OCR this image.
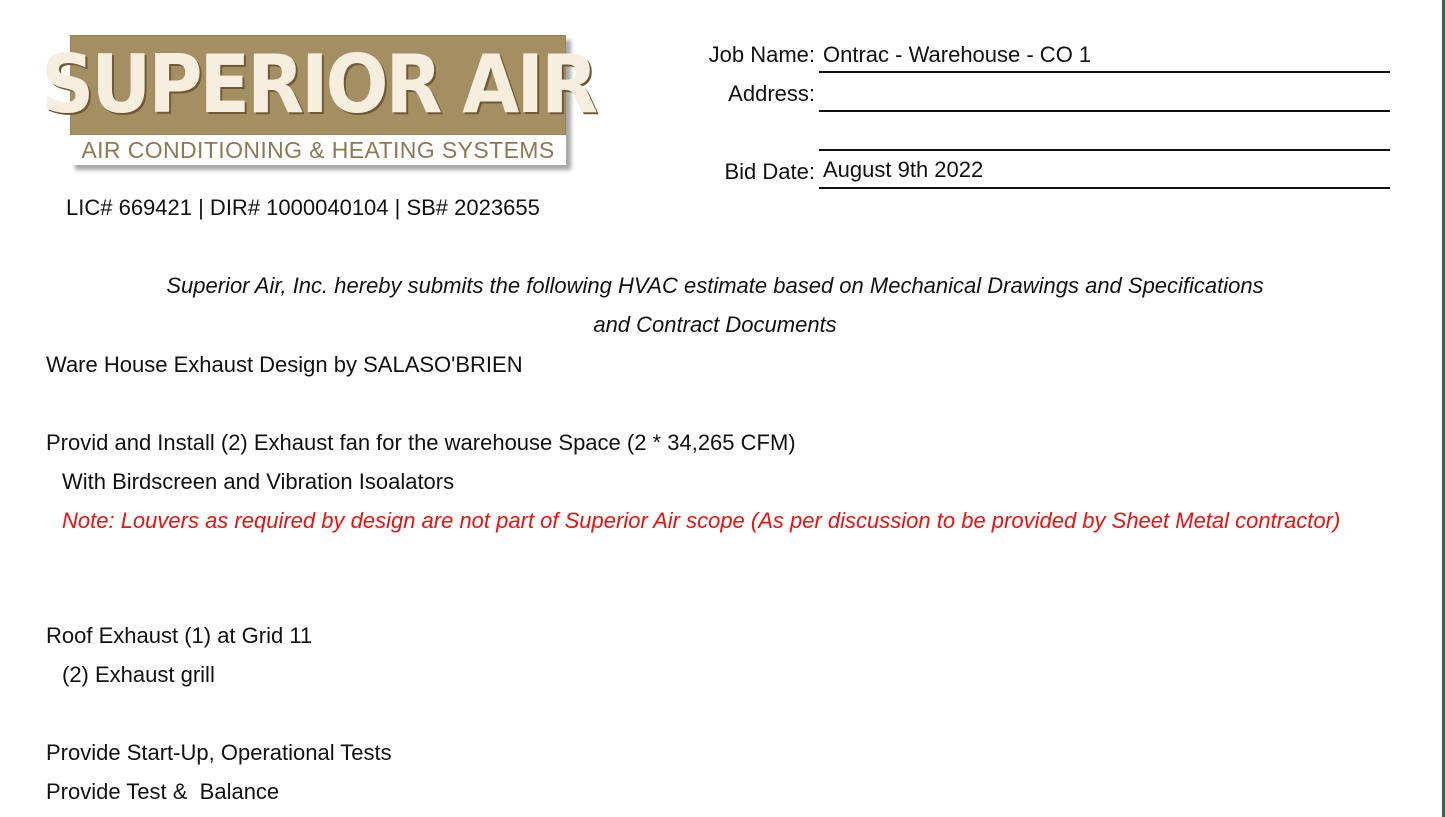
SUPERIOR AIR
AIR CONDITIONING & HEATING SYSTEMS
LIC# 669421 | DIR# 1000040104 | SB# 2023655
Job Name: Ontrac - Warehouse - CO 1
Address:
Bid Date: August 9th 2022
Superior Air, Inc. hereby submits the following HVAC estimate based on Mechanical Drawings and Specifications
and Contract Documents
Ware House Exhaust Design by SALASO'BRIEN
Provid and Install (2) Exhaust fan for the warehouse Space (2 * 34,265 CFM)
With Birdscreen and Vibration Isoalators
Note: Louvers as required by design are not part of Superior Air scope (As per discussion to be provided by Sheet Metal contractor)
Roof Exhaust (1) at Grid 11
(2) Exhaust grill
Provide Start-Up, Operational Tests
Provide Test &  Balance
